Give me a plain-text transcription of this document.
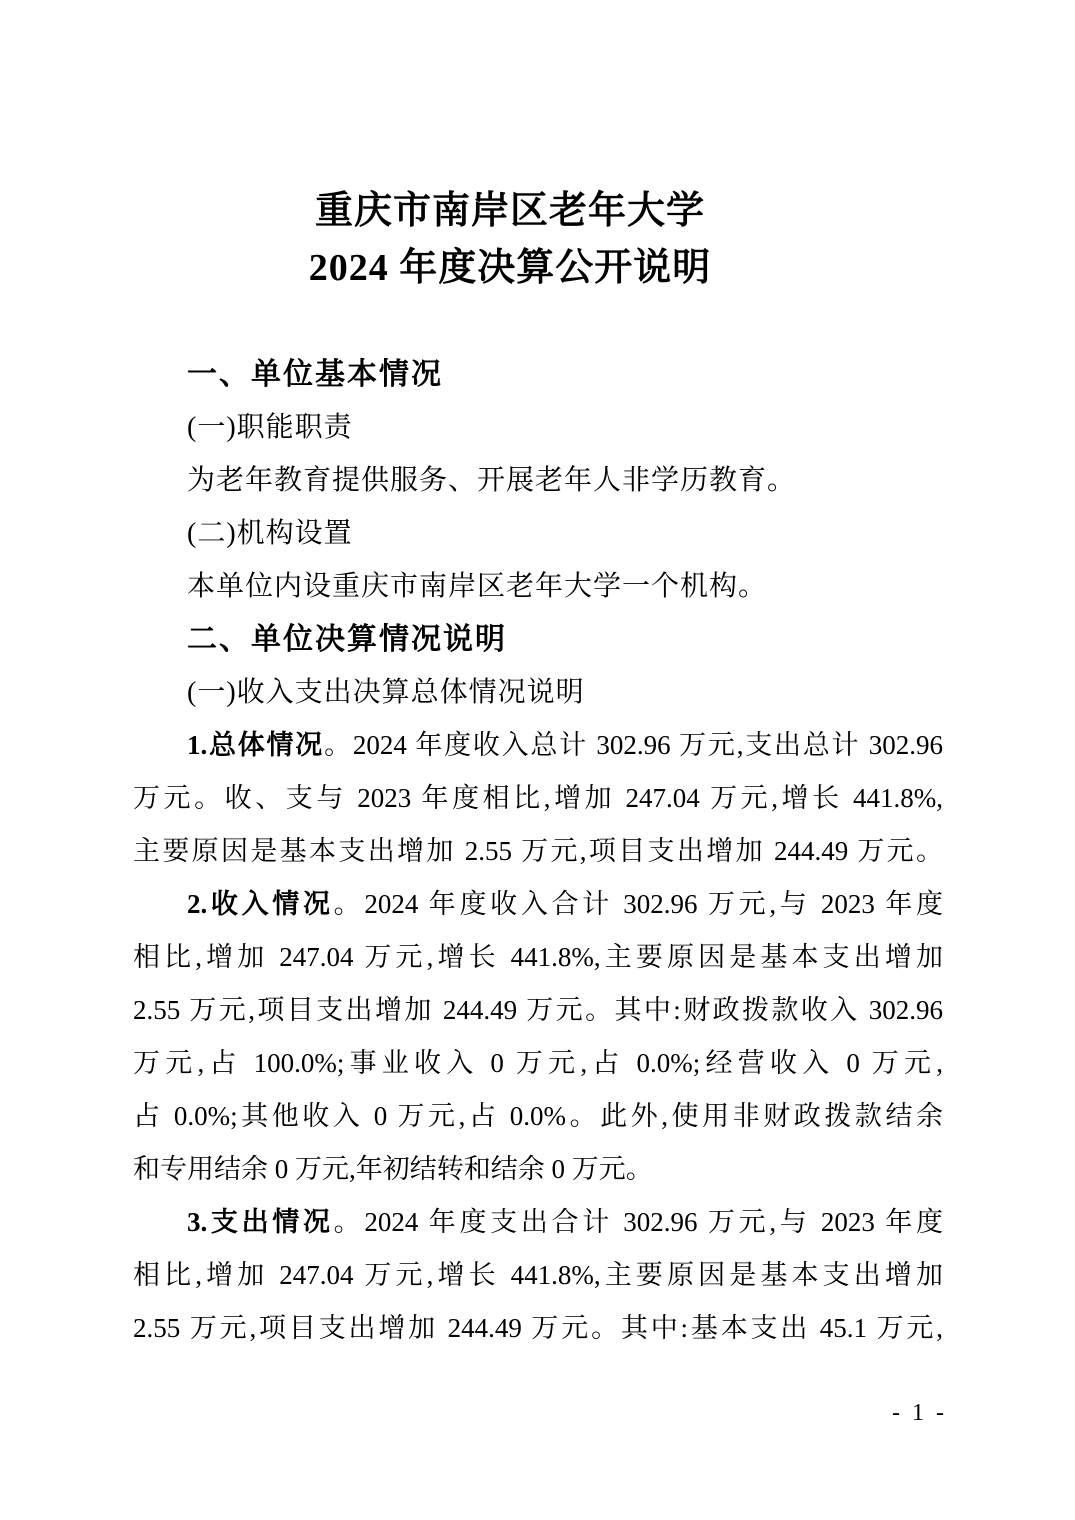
重庆市南岸区老年大学
2024 年度决算公开说明
一、单位基本情况
(一)职能职责
为老年教育提供服务、开展老年人非学历教育。
(二)机构设置
本单位内设重庆市南岸区老年大学一个机构。
二、单位决算情况说明
(一)收入支出决算总体情况说明
1.总体情况。2024 年度收入总计 302.96 万元,支出总计 302.96
万元。收、支与 2023 年度相比,增加 247.04 万元,增长 441.8%,
主要原因是基本支出增加 2.55 万元,项目支出增加 244.49 万元。
2.收入情况。2024 年度收入合计 302.96 万元,与 2023 年度
相比,增加 247.04 万元,增长 441.8%,主要原因是基本支出增加
2.55 万元,项目支出增加 244.49 万元。其中:财政拨款收入 302.96
万元,占 100.0%;事业收入 0 万元,占 0.0%;经营收入 0 万元,
占 0.0%;其他收入 0 万元,占 0.0%。此外,使用非财政拨款结余
和专用结余 0 万元,年初结转和结余 0 万元。
3.支出情况。2024 年度支出合计 302.96 万元,与 2023 年度
相比,增加 247.04 万元,增长 441.8%,主要原因是基本支出增加
2.55 万元,项目支出增加 244.49 万元。其中:基本支出 45.1 万元,
- 1 -
